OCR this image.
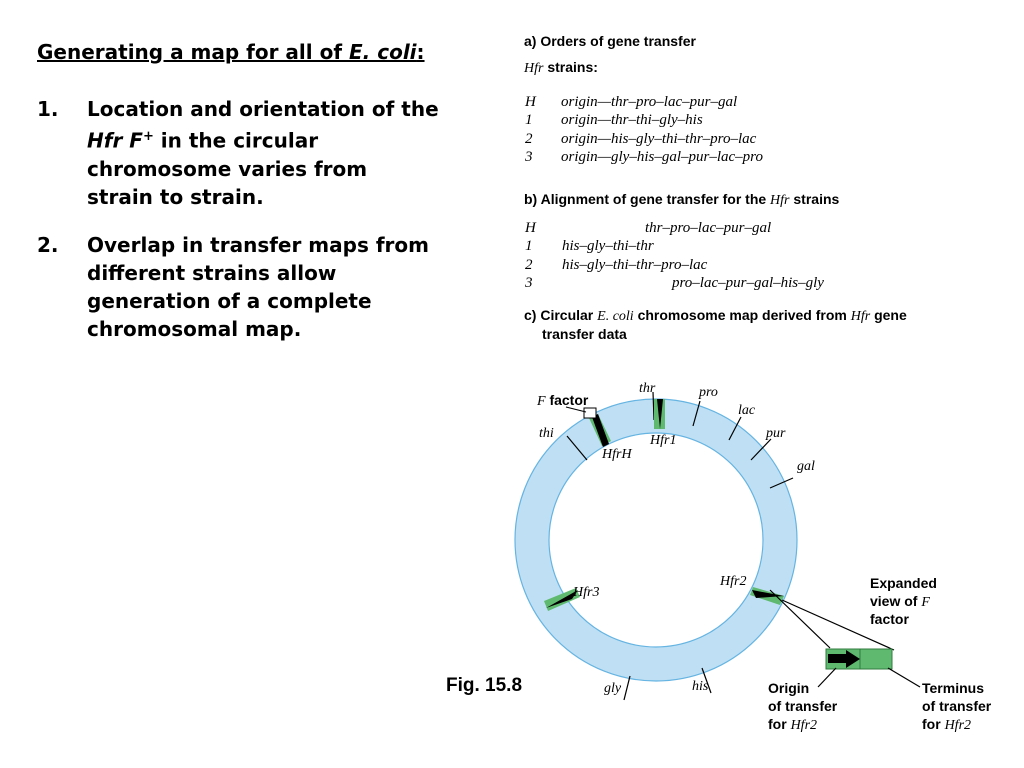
Generating a map for all of E. coli:
1. Location and orientation of the
Hfr F+ in the circular
chromosome varies from
strain to strain.
2. Overlap in transfer maps from
different strains allow
generation of a complete
chromosomal map.
a) Orders of gene transfer
Hfr strains:
H origin—thr–pro–lac–pur–gal
1 origin—thr–thi–gly–his
2 origin—his–gly–thi–thr–pro–lac
3 origin—gly–his–gal–pur–lac–pro
b) Alignment of gene transfer for the Hfr strains
H	thr–pro–lac–pur–gal
1 his–gly–thi–thr
2 his–gly–thi–thr–pro–lac
3	pro–lac–pur–gal–his–gly
c) Circular E. coli chromosome map derived from Hfr gene
transfer data
thr	pro
lac
pur
gal
thi
gly	his
HfrH
Hfr1
Hfr2
Hfr3
F factor
Expanded
view of F
factor
Origin
of transfer
for Hfr2
Terminus
of transfer
for Hfr2
Fig. 15.8
